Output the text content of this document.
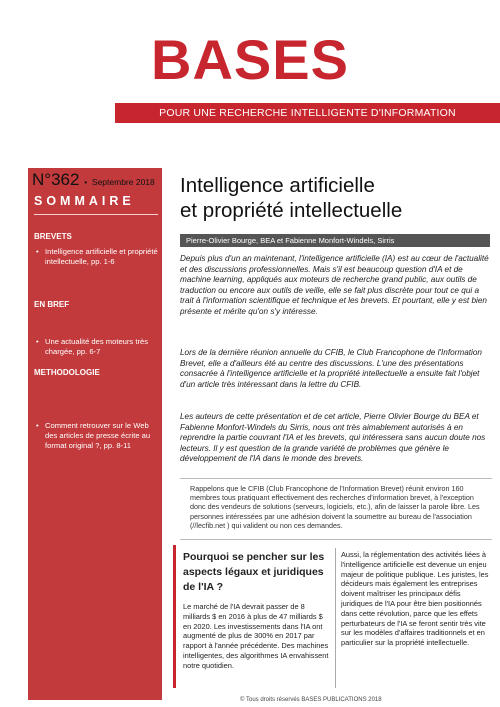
BASES
POUR UNE RECHERCHE INTELLIGENTE D'INFORMATION
N°362 • Septembre 2018
SOMMAIRE
BREVETS
• Intelligence artificielle et propriété intellectuelle, pp. 1-6
EN BREF
• Une actualité des moteurs très chargée, pp. 6-7
METHODOLOGIE
• Comment retrouver sur le Web des articles de presse écrite au format original ?, pp. 8-11
Intelligence artificielle
et propriété intellectuelle
Pierre-Olivier Bourge, BEA et Fabienne Monfort-Windels, Sirris
Depuis plus d'un an maintenant, l'intelligence artificielle (IA) est au cœur de l'actualité et des discussions professionnelles. Mais s'il est beaucoup question d'IA et de machine learning, appliqués aux moteurs de recherche grand public, aux outils de traduction ou encore aux outils de veille, elle se fait plus discrète pour tout ce qui a trait à l'information scientifique et technique et les brevets. Et pourtant, elle y est bien présente et mérite qu'on s'y intéresse.
Lors de la dernière réunion annuelle du CFIB, le Club Francophone de l'Information Brevet, elle a d'ailleurs été au centre des discussions. L'une des présentations consacrée à l'intelligence artificielle et la propriété intellectuelle a ensuite fait l'objet d'un article très intéressant dans la lettre du CFIB.
Les auteurs de cette présentation et de cet article, Pierre Olivier Bourge du BEA et Fabienne Monfort-Windels du Sirris, nous ont très aimablement autorisés à en reprendre la partie couvrant l'IA et les brevets, qui intéressera sans aucun doute nos lecteurs. Il y est question de la grande variété de problèmes que génère le développement de l'IA dans le monde des brevets.
Rappelons que le CFIB (Club Francophone de l'Information Brevet) réunit environ 160 membres tous pratiquant effectivement des recherches d'information brevet, à l'exception donc des vendeurs de solutions (serveurs, logiciels, etc.), afin de laisser la parole libre. Les personnes intéressées par une adhésion doivent la soumettre au bureau de l'association (//lecfib.net ) qui valident ou non ces demandes.
Pourquoi se pencher sur les aspects légaux et juridiques de l'IA ?
Le marché de l'IA devrait passer de 8 milliards $ en 2016 à plus de 47 milliards $ en 2020. Les investissements dans l'IA ont augmenté de plus de 300% en 2017 par rapport à l'année précédente. Des machines intelligentes, des algorithmes IA envahissent notre quotidien.
Aussi, la réglementation des activités liées à l'intelligence artificielle est devenue un enjeu majeur de politique publique. Les juristes, les décideurs mais également les entreprises doivent maîtriser les principaux défis juridiques de l'IA pour être bien positionnés dans cette révolution, parce que les effets perturbateurs de l'IA se feront sentir très vite sur les modèles d'affaires traditionnels et en particulier sur la propriété intellectuelle.
© Tous droits réservés BASES PUBLICATIONS 2018
